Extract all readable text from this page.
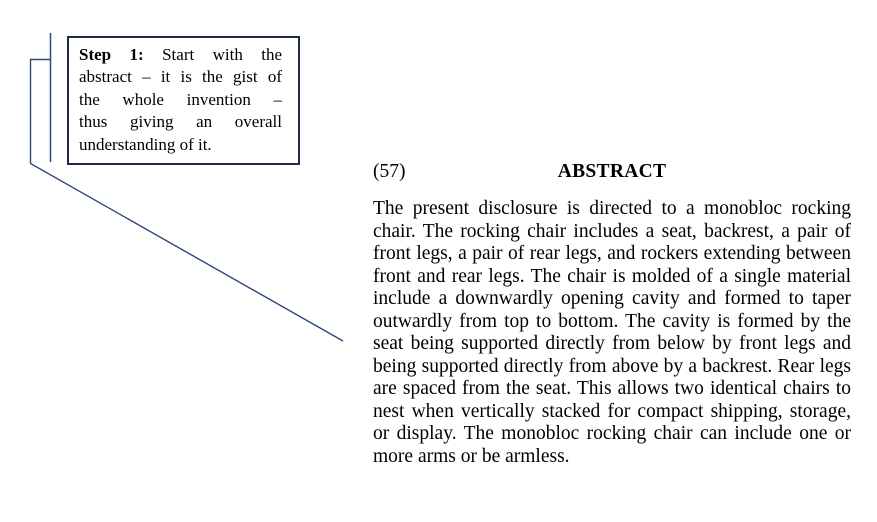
Step 1: Start with the
abstract – it is the gist of
the whole invention –
thus giving an overall
understanding of it.
(57)	ABSTRACT
The present disclosure is directed to a monobloc rocking
chair. The rocking chair includes a seat, backrest, a pair of
front legs, a pair of rear legs, and rockers extending between
front and rear legs. The chair is molded of a single material
include a downwardly opening cavity and formed to taper
outwardly from top to bottom. The cavity is formed by the
seat being supported directly from below by front legs and
being supported directly from above by a backrest. Rear legs
are spaced from the seat. This allows two identical chairs to
nest when vertically stacked for compact shipping, storage,
or display. The monobloc rocking chair can include one or
more arms or be armless.
